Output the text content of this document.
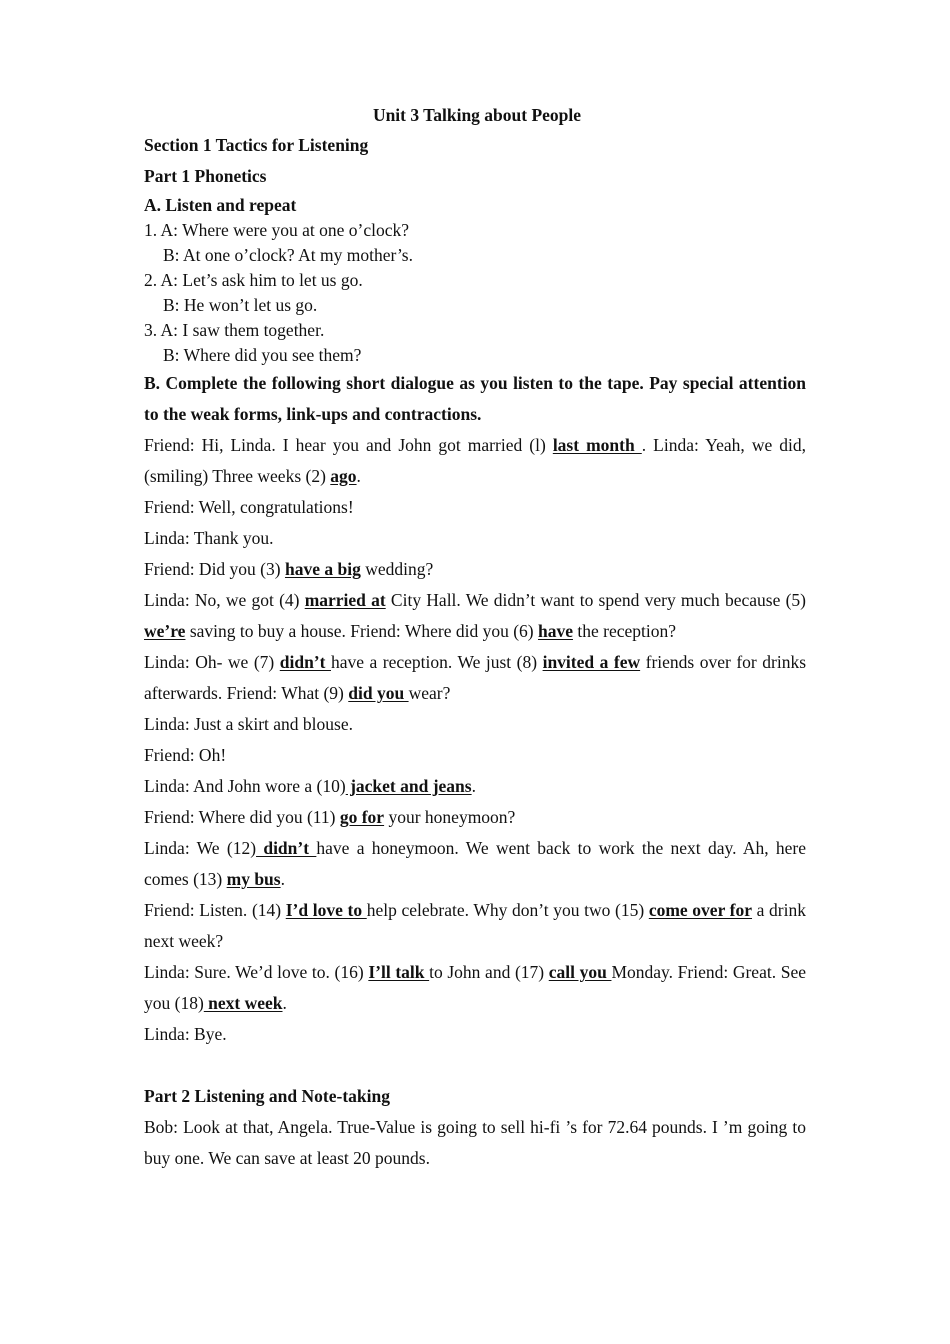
Unit 3 Talking about People
Section 1 Tactics for Listening
Part 1 Phonetics
A. Listen and repeat
1. A: Where were you at one o’clock?
B: At one o’clock? At my mother’s.
2. A: Let’s ask him to let us go.
B: He won’t let us go.
3. A: I saw them together.
B: Where did you see them?
B. Complete the following short dialogue as you listen to the tape. Pay special attention to the weak forms, link-ups and contractions.
Friend: Hi, Linda. I hear you and John got married (l) last month . Linda: Yeah, we did, (smiling) Three weeks (2) ago.
Friend: Well, congratulations!
Linda: Thank you.
Friend: Did you (3) have a big wedding?
Linda: No, we got (4) married at City Hall. We didn’t want to spend very much because (5) we’re saving to buy a house. Friend: Where did you (6) have the reception?
Linda: Oh- we (7) didn’t have a reception. We just (8) invited a few friends over for drinks afterwards. Friend: What (9) did you wear?
Linda: Just a skirt and blouse.
Friend: Oh!
Linda: And John wore a (10) jacket and jeans.
Friend: Where did you (11) go for your honeymoon?
Linda: We (12) didn’t have a honeymoon. We went back to work the next day. Ah, here comes (13) my bus.
Friend: Listen. (14) I’d love to help celebrate. Why don’t you two (15) come over for a drink next week?
Linda: Sure. We’d love to. (16) I’ll talk to John and (17) call you Monday. Friend: Great. See you (18) next week.
Linda: Bye.
Part 2 Listening and Note-taking
Bob: Look at that, Angela. True-Value is going to sell hi-fi ’s for 72.64 pounds. I ’m going to buy one. We can save at least 20 pounds.
